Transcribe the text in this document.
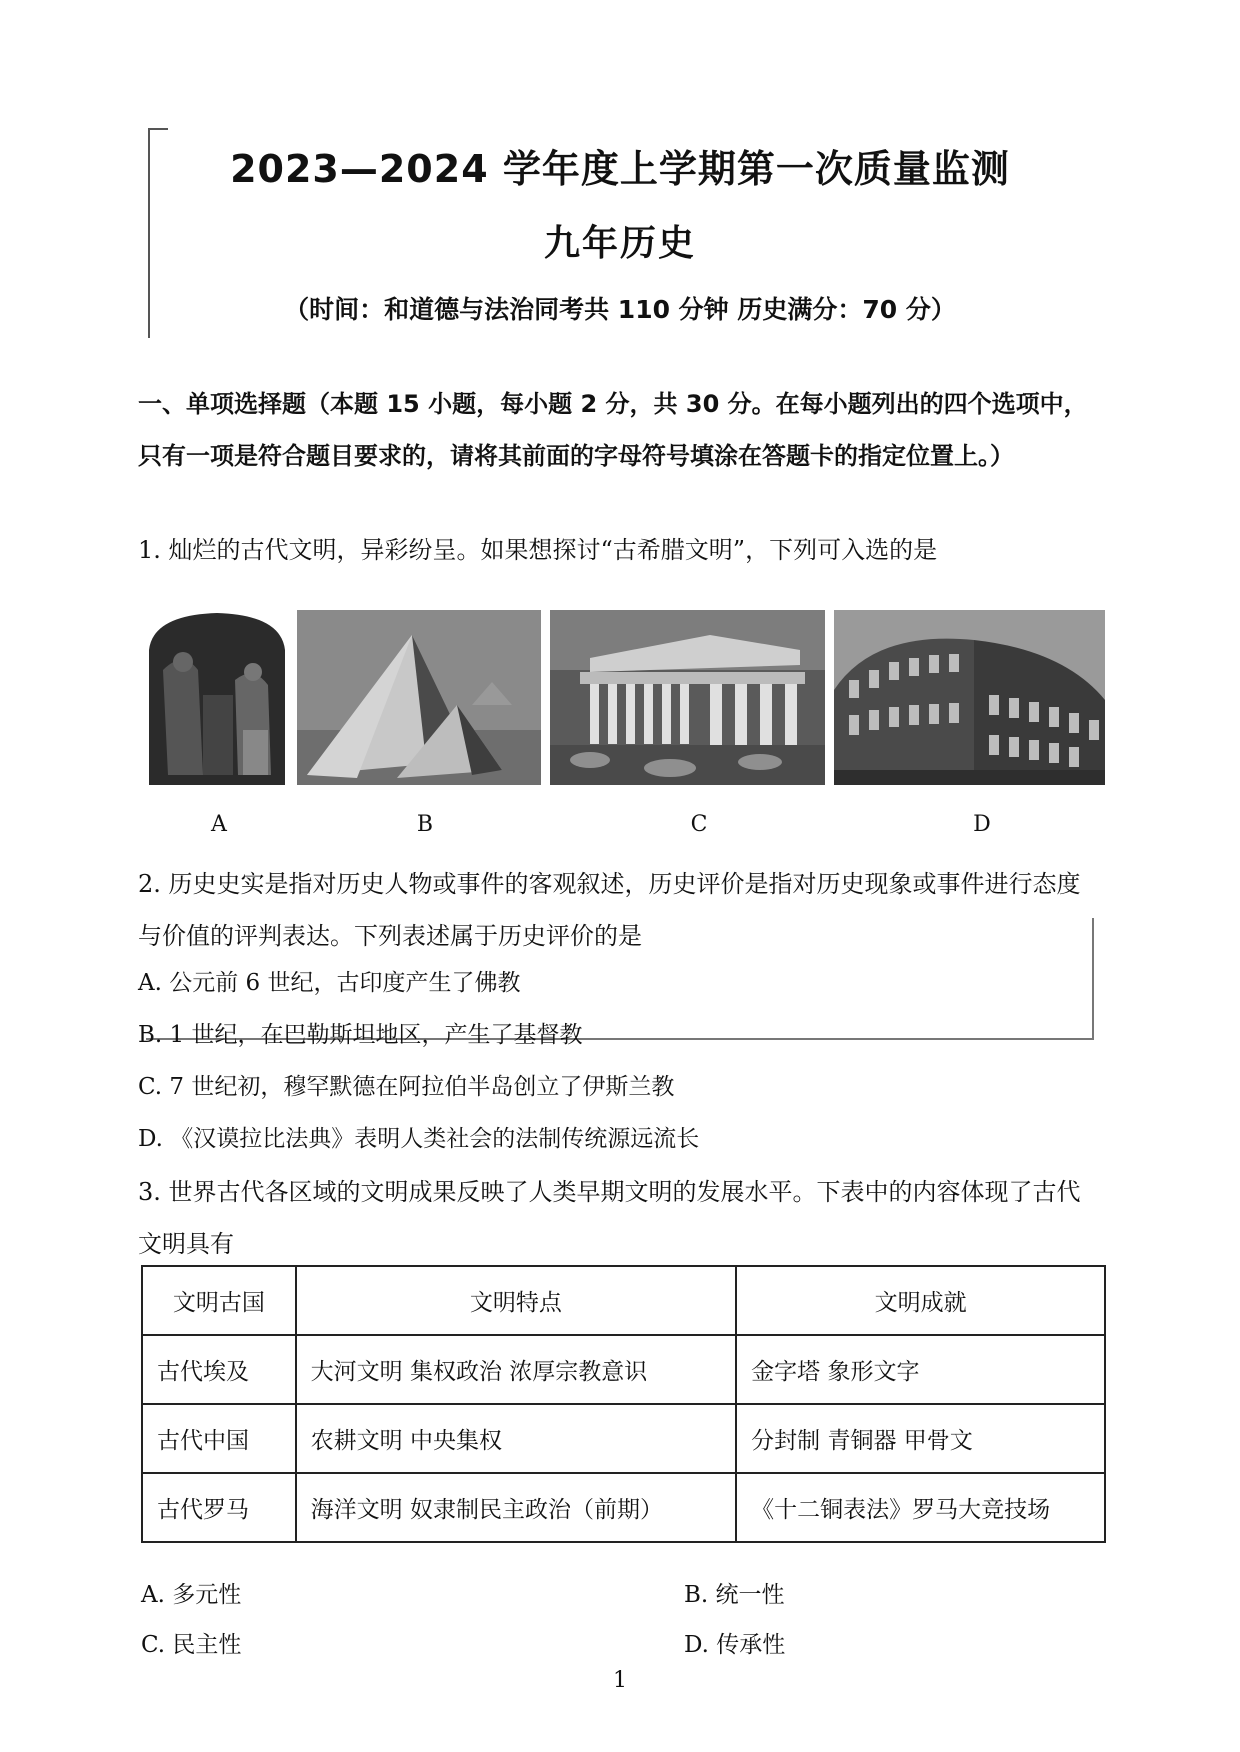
2023—2024 学年度上学期第一次质量监测
九年历史
（时间：和道德与法治同考共 110 分钟 历史满分：70 分）
一、单项选择题（本题 15 小题，每小题 2 分，共 30 分。在每小题列出的四个选项中，只有一项是符合题目要求的，请将其前面的字母符号填涂在答题卡的指定位置上。）
1. 灿烂的古代文明，异彩纷呈。如果想探讨“古希腊文明”，下列可入选的是
A	B	C	D
2. 历史史实是指对历史人物或事件的客观叙述，历史评价是指对历史现象或事件进行态度与价值的评判表达。下列表述属于历史评价的是
A. 公元前 6 世纪，古印度产生了佛教
B. 1 世纪，在巴勒斯坦地区，产生了基督教
C. 7 世纪初，穆罕默德在阿拉伯半岛创立了伊斯兰教
D. 《汉谟拉比法典》表明人类社会的法制传统源远流长
3. 世界古代各区域的文明成果反映了人类早期文明的发展水平。下表中的内容体现了古代文明具有
文明古国	文明特点	文明成就
古代埃及	大河文明 集权政治 浓厚宗教意识	金字塔 象形文字
古代中国	农耕文明 中央集权	分封制 青铜器 甲骨文
古代罗马	海洋文明 奴隶制民主政治（前期）	《十二铜表法》罗马大竞技场
A. 多元性	B. 统一性
C. 民主性	D. 传承性
1
